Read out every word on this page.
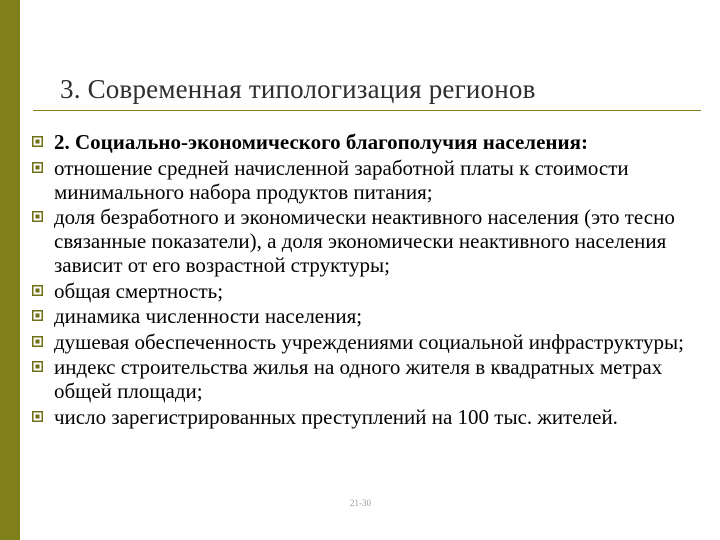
3. Современная типологизация регионов
2. Социально-экономического благополучия населения:
отношение средней начисленной заработной платы к стоимости минимального набора продуктов питания;
доля безработного и экономически неактивного населения (это тесно связанные показатели), а доля экономически неактивного населения зависит от его возрастной структуры;
общая смертность;
динамика численности населения;
душевая обеспеченность учреждениями социальной инфраструктуры;
индекс строительства жилья на одного жителя в квадратных метрах общей площади;
число зарегистрированных преступлений на 100 тыс. жителей.
21-30
